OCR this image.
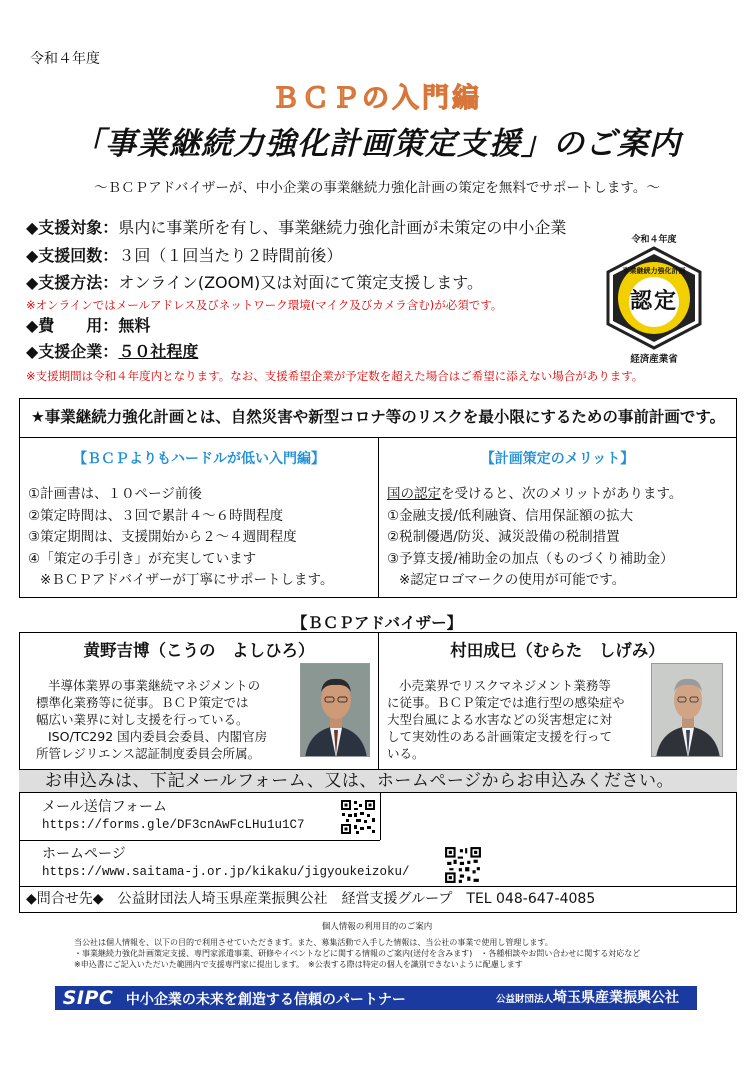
令和４年度
ＢＣＰの入門編
「事業継続力強化計画策定支援」のご案内
～ＢＣＰアドバイザーが、中小企業の事業継続力強化計画の策定を無料でサポートします。～
◆支援対象：県内に事業所を有し、事業継続力強化計画が未策定の中小企業
◆支援回数：３回（１回当たり２時間前後）
◆支援方法：オンライン(ZOOM)又は対面にて策定支援します。
※オンラインではメールアドレス及びネットワーク環境(マイク及びカメラ含む)が必須です。
◆費　　用：無料
◆支援企業：５０社程度
※支援期間は令和４年度内となります。なお、支援希望企業が予定数を超えた場合はご希望に添えない場合があります。
令和４年度
事業継続力強化計画
認定
経済産業省
★事業継続力強化計画とは、自然災害や新型コロナ等のリスクを最小限にするための事前計画です。
【ＢＣＰよりもハードルが低い入門編】
①計画書は、１０ページ前後
②策定時間は、３回で累計４～６時間程度
③策定期間は、支援開始から２～４週間程度
④「策定の手引き」が充実しています
※ＢＣＰアドバイザーが丁寧にサポートします。
【計画策定のメリット】
国の認定を受けると、次のメリットがあります。
①金融支援/低利融資、信用保証額の拡大
②税制優遇/防災、減災設備の税制措置
③予算支援/補助金の加点（ものづくり補助金）
※認定ロゴマークの使用が可能です。
【ＢＣＰアドバイザー】
黄野吉博（こうの　よしひろ）
半導体業界の事業継続マネジメントの
標準化業務等に従事。ＢＣＰ策定では
幅広い業界に対し支援を行っている。
ISO/TC292 国内委員会委員、内閣官房
所管レジリエンス認証制度委員会所属。
村田成巳（むらた　しげみ）
小売業界でリスクマネジメント業務等
に従事。ＢＣＰ策定では進行型の感染症や
大型台風による水害などの災害想定に対
して実効性のある計画策定支援を行って
いる。
お申込みは、下記メールフォーム、又は、ホームページからお申込みください。
メール送信フォーム
https://forms.gle/DF3cnAwFcLHu1u1C7
ホームページ
https://www.saitama-j.or.jp/kikaku/jigyoukeizoku/
◆問合せ先◆　公益財団法人埼玉県産業振興公社　経営支援グループ　TEL 048-647-4085
個人情報の利用目的のご案内
当公社は個人情報を、以下の目的で利用させていただきます。また、募集活動で入手した情報は、当公社の事業で使用し管理します。
・事業継続力強化計画策定支援、専門家派遣事業、研修やイベントなどに関する情報のご案内(送付を含みます)　・各種相談やお問い合わせに関する対応など
※申込書にご記入いただいた範囲内で支援専門家に提出します。　※公表する際は特定の個人を識別できないように配慮します
SIPC 中小企業の未来を創造する信頼のパートナー	公益財団法人埼玉県産業振興公社
